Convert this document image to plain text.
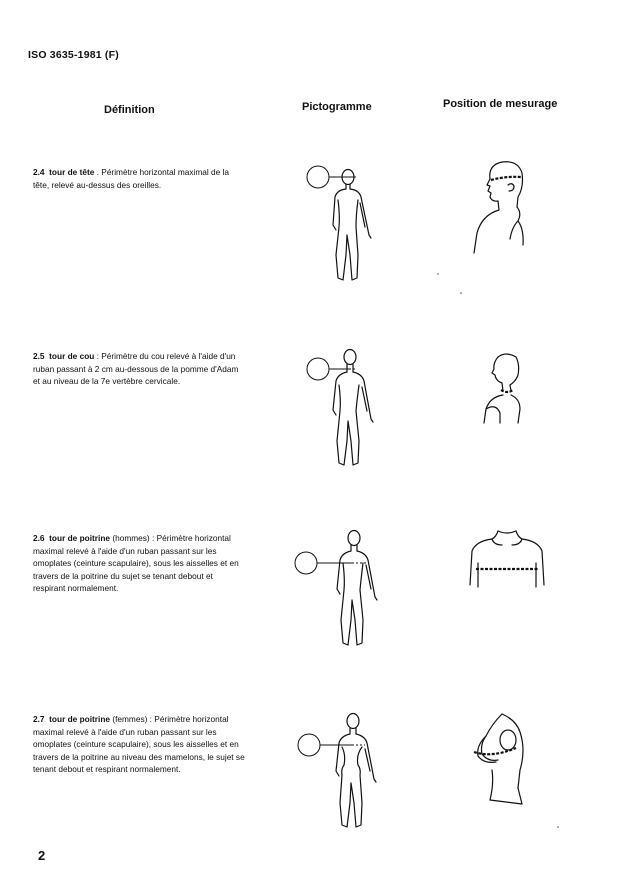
ISO 3635-1981 (F)
Définition	Pictogramme	Position de mesurage
2.4 tour de tête . Périmètre horizontal maximal de la tête, relevé au-dessus des oreilles.
2.5 tour de cou : Périmètre du cou relevé à l'aide d'un ruban passant à 2 cm au-dessous de la pomme d'Adam et au niveau de la 7e vertèbre cervicale.
2.6 tour de poitrine (hommes) : Périmètre horizontal maximal relevé à l'aide d'un ruban passant sur les omoplates (ceinture scapulaire), sous les aisselles et en travers de la poitrine du sujet se tenant debout et respirant normalement.
2.7 tour de poitrine (femmes) : Périmètre horizontal maximal relevé à l'aide d'un ruban passant sur les omoplates (ceinture scapulaire), sous les aisselles et en travers de la poitrine au niveau des mamelons, le sujet se tenant debout et respirant normalement.
2
